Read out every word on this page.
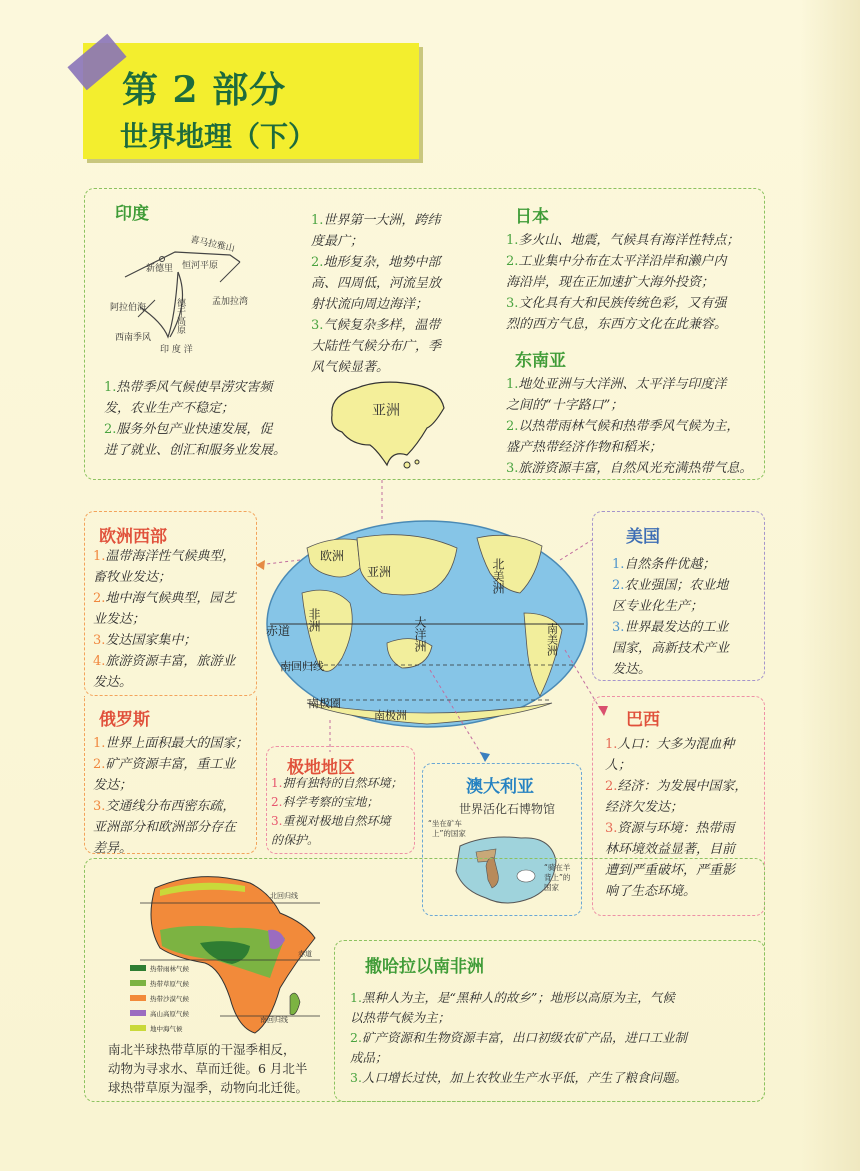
第 2 部分
世界地理（下）
印度
喜马拉雅山
新德里 恒河平原
德干高原
阿拉伯海
孟加拉湾
西南季风
印 度 洋
1.热带季风气候使旱涝灾害频
发，农业生产不稳定；
2.服务外包产业快速发展，促
进了就业、创汇和服务业发展。
1.世界第一大洲，跨纬
度最广；
2.地形复杂，地势中部
高、四周低，河流呈放
射状流向周边海洋；
3.气候复杂多样，温带
大陆性气候分布广，季
风气候显著。
亚洲
日本
1.多火山、地震，气候具有海洋性特点；
2.工业集中分布在太平洋沿岸和濑户内
海沿岸，现在正加速扩大海外投资；
3.文化具有大和民族传统色彩，又有强
烈的西方气息，东西方文化在此兼容。
东南亚
1.地处亚洲与大洋洲、太平洋与印度洋
之间的“十字路口”；
2.以热带雨林气候和热带季风气候为主，
盛产热带经济作物和稻米；
3.旅游资源丰富，自然风光充满热带气息。
欧洲西部
1.温带海洋性气候典型，
畜牧业发达；
2.地中海气候典型，园艺
业发达；
3.发达国家集中；
4.旅游资源丰富，旅游业
发达。
俄罗斯
1.世界上面积最大的国家；
2.矿产资源丰富，重工业
发达；
3.交通线分布西密东疏，
亚洲部分和欧洲部分存在
差异。
欧洲
亚洲	北美洲
非洲	大洋洲	南美洲
赤道
南回归线
南极圈
南极洲
美国
1.自然条件优越；
2.农业强国；农业地
区专业化生产；
3.世界最发达的工业
国家，高新技术产业
发达。
巴西
1.人口：大多为混血种
人；
2.经济：为发展中国家，
经济欠发达；
3.资源与环境：热带雨
林环境效益显著，目前
遭到严重破坏，严重影
响了生态环境。
极地地区
1.拥有独特的自然环境；
2.科学考察的宝地；
3.重视对极地自然环境
的保护。
澳大利亚
世界活化石博物馆
“坐在矿车
上”的国家
“骑在羊
背上”的
国家
北回归线
赤道
南回归线
热带雨林气候
热带草原气候
热带沙漠气候
高山高原气候
地中海气候
南北半球热带草原的干湿季相反，
动物为寻求水、草而迁徙。6 月北半
球热带草原为湿季，动物向北迁徙。
撒哈拉以南非洲
1.黑种人为主，是“黑种人的故乡”；地形以高原为主，气候
以热带气候为主；
2.矿产资源和生物资源丰富，出口初级农矿产品，进口工业制
成品；
3.人口增长过快，加上农牧业生产水平低，产生了粮食问题。
